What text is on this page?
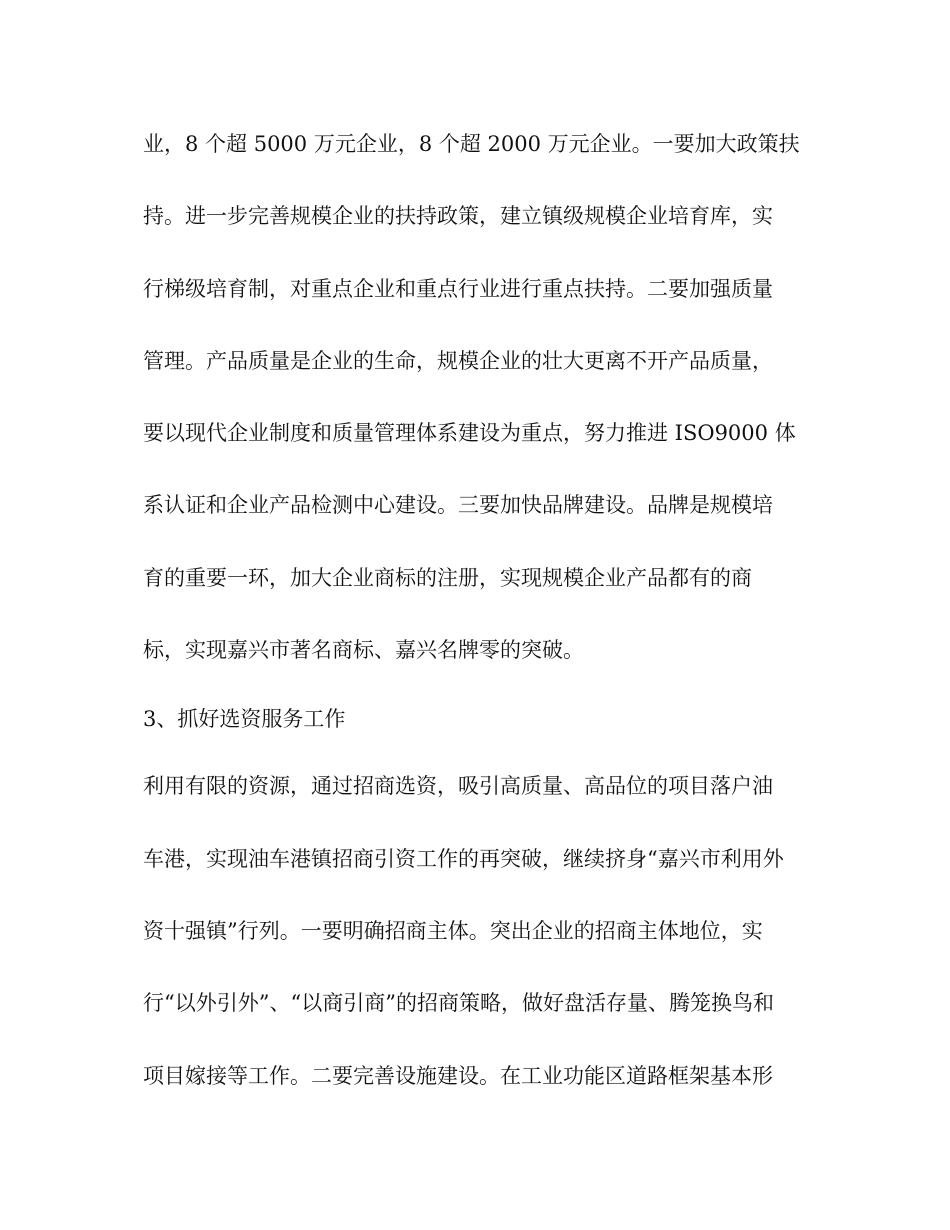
业，8 个超 5000 万元企业，8 个超 2000 万元企业。一要加大政策扶
持。进一步完善规模企业的扶持政策，建立镇级规模企业培育库，实
行梯级培育制，对重点企业和重点行业进行重点扶持。二要加强质量
管理。产品质量是企业的生命，规模企业的壮大更离不开产品质量，
要以现代企业制度和质量管理体系建设为重点，努力推进 ISO9000 体
系认证和企业产品检测中心建设。三要加快品牌建设。品牌是规模培
育的重要一环，加大企业商标的注册，实现规模企业产品都有的商
标，实现嘉兴市著名商标、嘉兴名牌零的突破。
3、抓好选资服务工作
利用有限的资源，通过招商选资，吸引高质量、高品位的项目落户油
车港，实现油车港镇招商引资工作的再突破，继续挤身“嘉兴市利用外
资十强镇”行列。一要明确招商主体。突出企业的招商主体地位，实
行“以外引外”、“以商引商”的招商策略，做好盘活存量、腾笼换鸟和
项目嫁接等工作。二要完善设施建设。在工业功能区道路框架基本形
